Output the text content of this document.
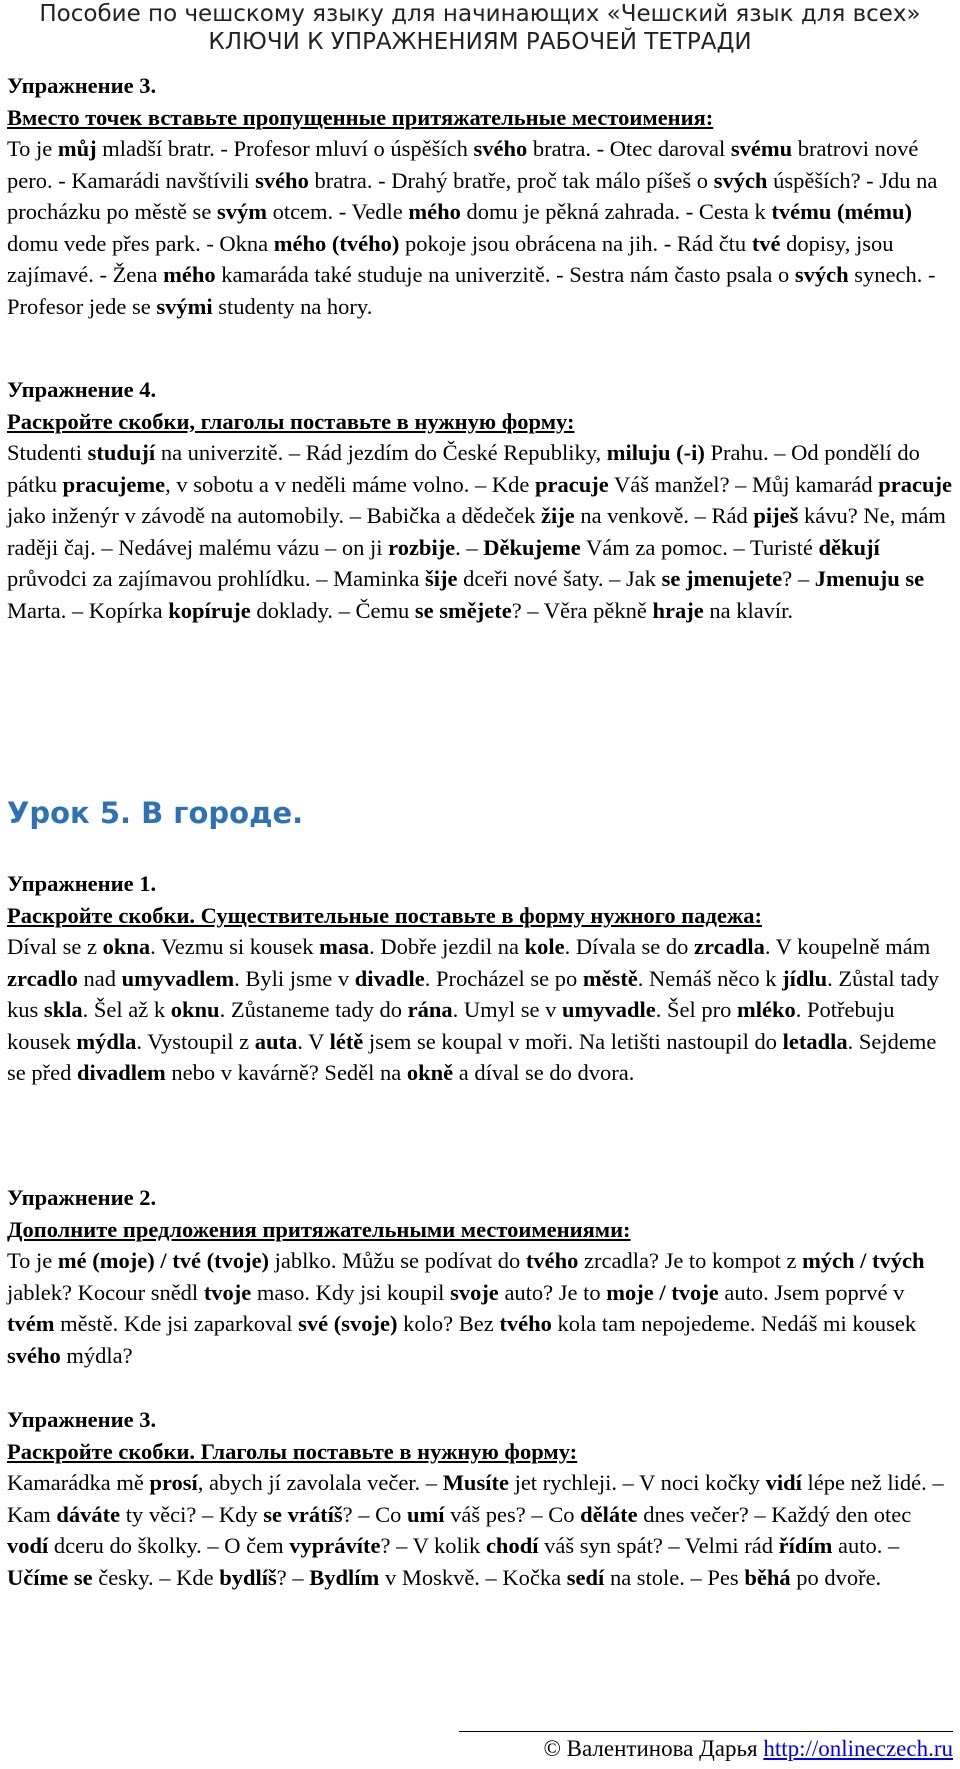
Пособие по чешскому языку для начинающих «Чешский язык для всех»
КЛЮЧИ К УПРАЖНЕНИЯМ РАБОЧЕЙ ТЕТРАДИ

Упражнение 3.

Вместо точек вставьте пропущенные притяжательные местоимения:

To je můj mladší bratr. - Profesor mluví o úspěších svého bratra. - Otec daroval svému bratrovi nové pero. - Kamarádi navštívili svého bratra. - Drahý bratře, proč tak málo píšeš o svých úspěších? - Jdu na procházku po městě se svým otcem. - Vedle mého domu je pěkná zahrada. - Cesta k tvému (mému) domu vede přes park. - Okna mého (tvého) pokoje jsou obrácena na jih. - Rád čtu tvé dopisy, jsou zajímavé. - Žena mého kamaráda také studuje na univerzitě. - Sestra nám často psala o svých synech. - Profesor jede se svými studenty na hory.

Упражнение 4.

Раскройте скобки, глаголы поставьте в нужную форму:

Studenti studují na univerzitě. – Rád jezdím do České Republiky, miluju (-i) Prahu. – Od pondělí do pátku pracujeme, v sobotu a v neděli máme volno. – Kde pracuje Váš manžel? – Můj kamarád pracuje jako inženýr v závodě na automobily. – Babička a dědeček žije na venkově. – Rád piješ kávu? Ne, mám raději čaj. – Nedávej malému vázu – on ji rozbije. – Děkujeme Vám za pomoc. – Turisté děkují průvodci za zajímavou prohlídku. – Maminka šije dceři nové šaty. – Jak se jmenujete? – Jmenuju se Marta. – Kopírka kopíruje doklady. – Čemu se smějete? – Věra pěkně hraje na klavír.

Урок 5. В городе.

Упражнение 1.

Раскройте скобки. Существительные поставьте в форму нужного падежа:

Díval se z okna. Vezmu si kousek masa. Dobře jezdil na kole. Dívala se do zrcadla. V koupelně mám zrcadlo nad umyvadlem. Byli jsme v divadle. Procházel se po městě. Nemáš něco k jídlu. Zůstal tady kus skla. Šel až k oknu. Zůstaneme tady do rána. Umyl se v umyvadle. Šel pro mléko. Potřebuju kousek mýdla. Vystoupil z auta. V létě jsem se koupal v moři. Na letišti nastoupil do letadla. Sejdeme se před divadlem nebo v kavárně? Seděl na okně a díval se do dvora.

Упражнение 2.

Дополните предложения притяжательными местоимениями:

To je mé (moje) / tvé (tvoje) jablko. Můžu se podívat do tvého zrcadla? Je to kompot z mých / tvých jablek? Kocour snědl tvoje maso. Kdy jsi koupil svoje auto? Je to moje / tvoje auto. Jsem poprvé v tvém městě. Kde jsi zaparkoval své (svoje) kolo? Bez tvého kola tam nepojedeme. Nedáš mi kousek svého mýdla?

Упражнение 3.

Раскройте скобки. Глаголы поставьте в нужную форму:

Kamarádka mě prosí, abych jí zavolala večer. – Musíte jet rychleji. – V noci kočky vidí lépe než lidé. – Kam dáváte ty věci? – Kdy se vrátíš? – Co umí váš pes? – Co děláte dnes večer? – Každý den otec vodí dceru do školky. – O čem vyprávíte? – V kolik chodí váš syn spát? – Velmi rád řídím auto. – Učíme se česky. – Kde bydlíš? – Bydlím v Moskvě. – Kočka sedí na stole. – Pes běhá po dvoře.

© Валентинова Дарья http://onlineczech.ru
